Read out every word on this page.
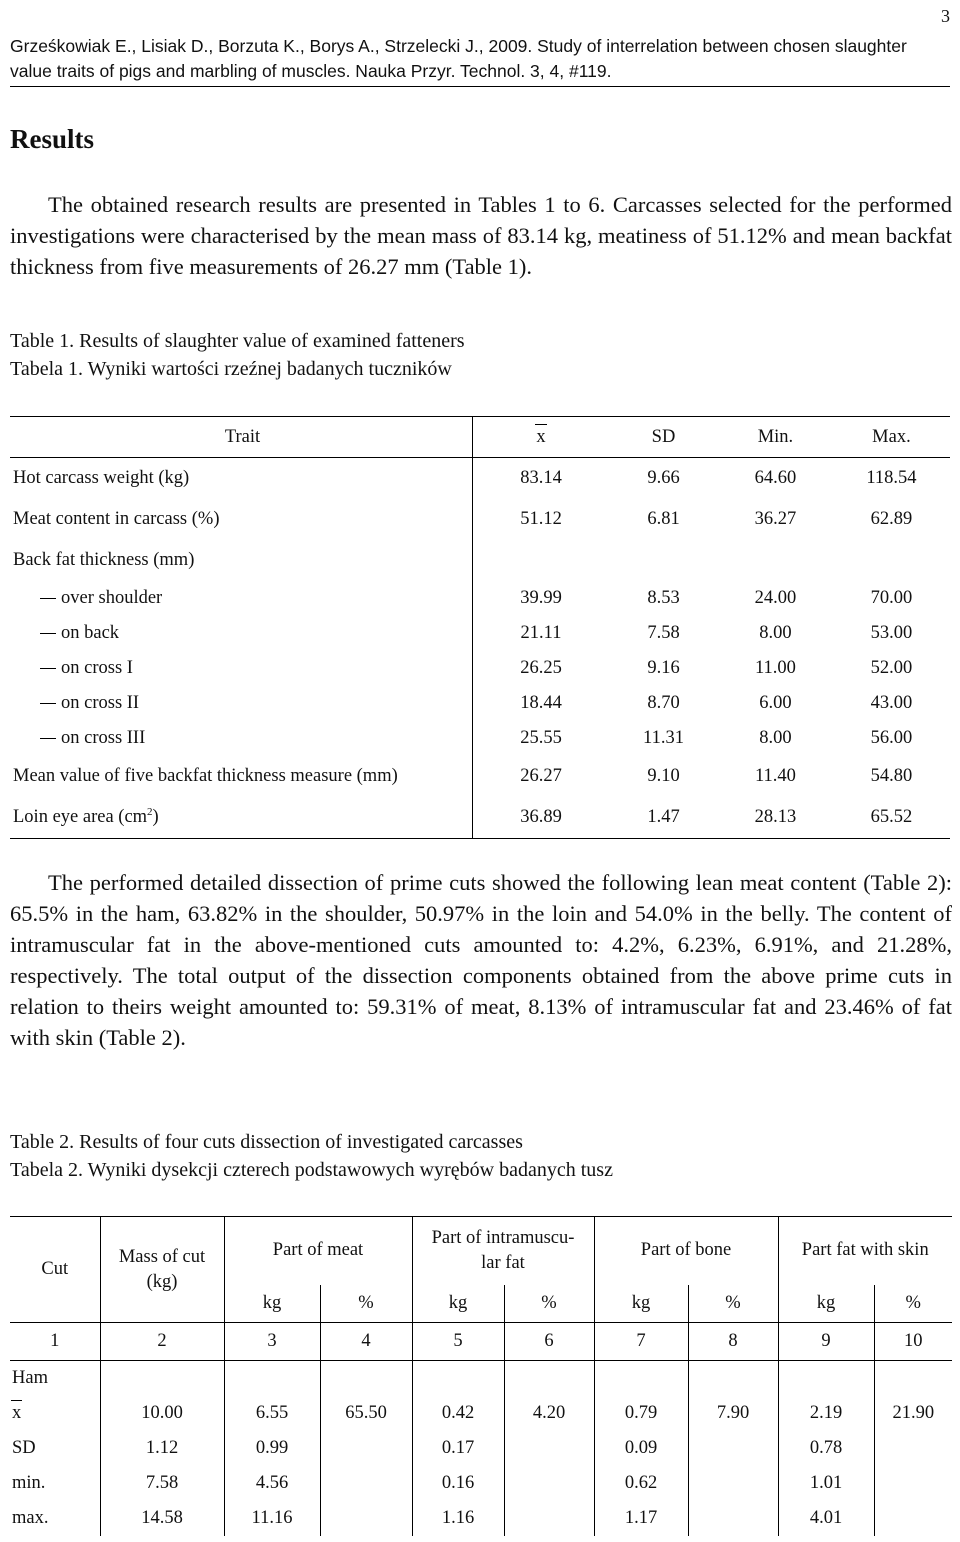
3
Grześkowiak E., Lisiak D., Borzuta K., Borys A., Strzelecki J., 2009. Study of interrelation between chosen slaughter value traits of pigs and marbling of muscles. Nauka Przyr. Technol. 3, 4, #119.
Results
The obtained research results are presented in Tables 1 to 6. Carcasses selected for the performed investigations were characterised by the mean mass of 83.14 kg, meatiness of 51.12% and mean backfat thickness from five measurements of 26.27 mm (Table 1).
Table 1. Results of slaughter value of examined fatteners
Tabela 1. Wyniki wartości rzeźnej badanych tuczników
Trait	x	SD	Min.	Max.
Hot carcass weight (kg)	83.14	9.66	64.60	118.54
Meat content in carcass (%)	51.12	6.81	36.27	62.89
Back fat thickness (mm)				
over shoulder	39.99	8.53	24.00	70.00
on back	21.11	7.58	8.00	53.00
on cross I	26.25	9.16	11.00	52.00
on cross II	18.44	8.70	6.00	43.00
on cross III	25.55	11.31	8.00	56.00
Mean value of five backfat thickness measure (mm)	26.27	9.10	11.40	54.80
Loin eye area $(cm^2)$	36.89	1.47	28.13	65.52
The performed detailed dissection of prime cuts showed the following lean meat content (Table 2): 65.5% in the ham, 63.82% in the shoulder, 50.97% in the loin and 54.0% in the belly. The content of intramuscular fat in the above-mentioned cuts amounted to: 4.2%, 6.23%, 6.91%, and 21.28%, respectively. The total output of the dissection components obtained from the above prime cuts in relation to theirs weight amounted to: 59.31% of meat, 8.13% of intramuscular fat and 23.46% of fat with skin (Table 2).
Table 2. Results of four cuts dissection of investigated carcasses
Tabela 2. Wyniki dysekcji czterech podstawowych wyrębów badanych tusz
Cut	Mass of cut (kg)	Part of meat		Part of intramuscu-lar fat		Part of bone		Part fat with skin	
		kg	%	kg	%	kg	%	kg	%
1	2	3	4	5	6	7	8	9	10
Ham									
x	10.00	6.55	65.50	0.42	4.20	0.79	7.90	2.19	21.90
SD	1.12	0.99		0.17		0.09		0.78	
min.	7.58	4.56		0.16		0.62		1.01	
max.	14.58	11.16		1.16		1.17		4.01	
